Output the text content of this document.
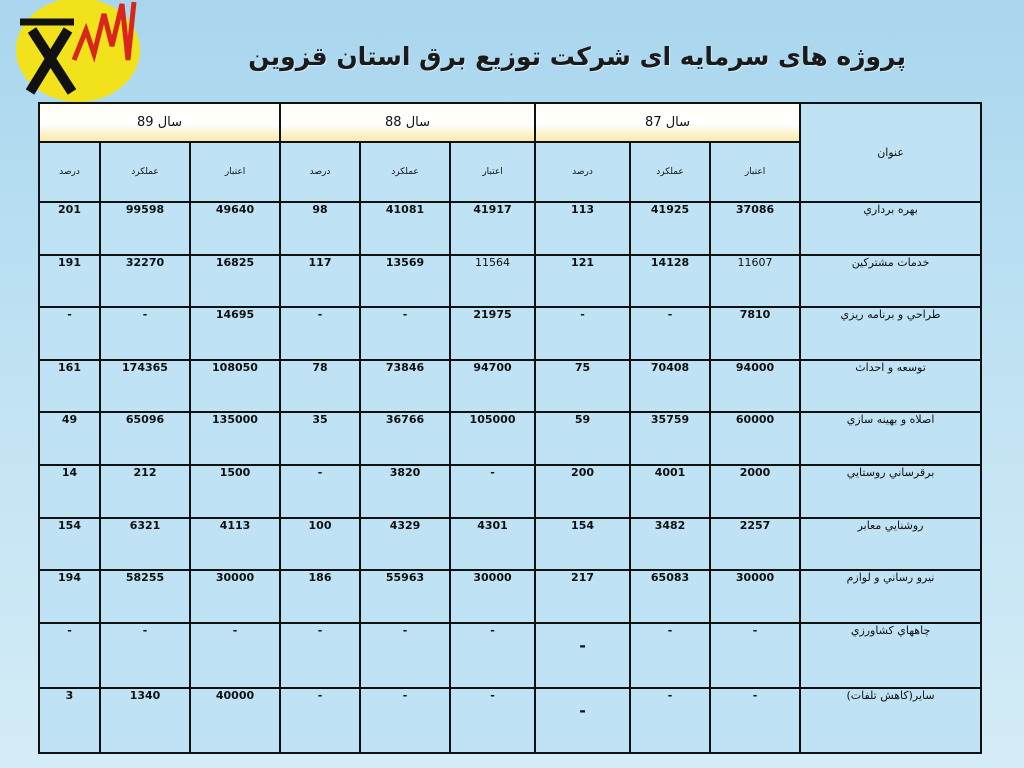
پروژه های سرمایه ای شرکت توزیع برق استان قزوین
سال 89			سال 88			سال 87			عنوان
درصد	عملکرد	اعتبار	درصد	عملکرد	اعتبار	درصد	عملکرد	اعتبار	
201	99598	49640	98	41081	41917	113	41925	37086	بهره برداري
191	32270	16825	117	13569	11564	121	14128	11607	خدمات مشتركين
-	-	14695	-	-	21975	-	-	7810	طراحي و برنامه ريزي
161	174365	108050	78	73846	94700	75	70408	94000	توسعه و احداث
49	65096	135000	35	36766	105000	59	35759	60000	اصلاه و بهينه سازي
14	212	1500	-	3820	-	200	4001	2000	برقرساني روستايي
154	6321	4113	100	4329	4301	154	3482	2257	روشنايي معابر
194	58255	30000	186	55963	30000	217	65083	30000	نيرو رساني و لوازم
-	-	-	-	-	-	-	-	-	چاههاي كشاورزي
3	1340	40000	-	-	-	-	-	-	ساير(كاهش تلفات)
